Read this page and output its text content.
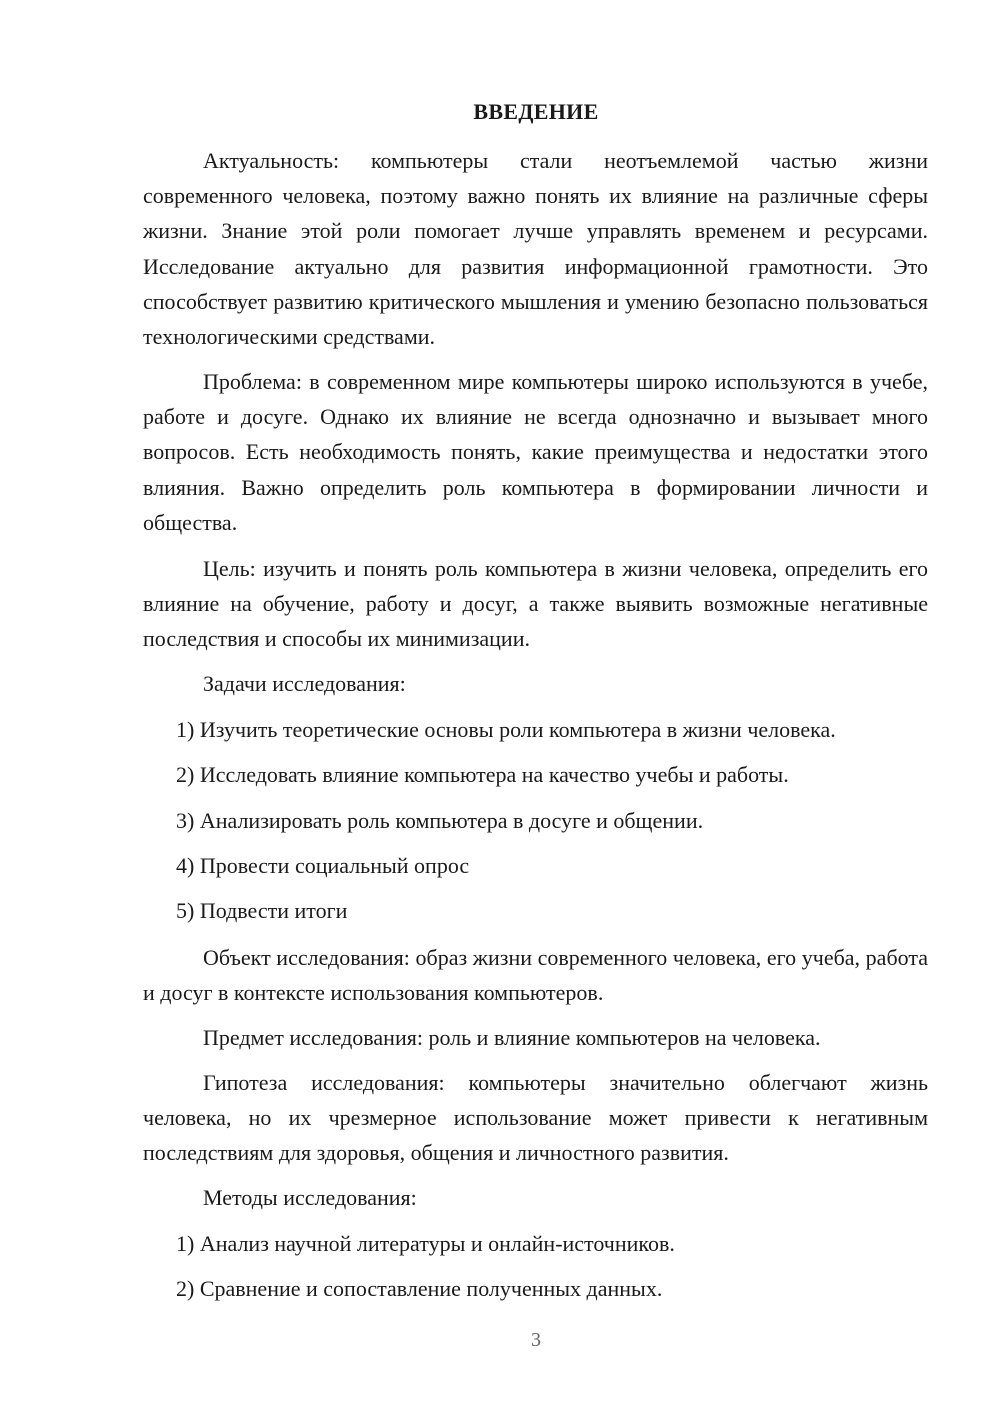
ВВЕДЕНИЕ

Актуальность: компьютеры стали неотъемлемой частью жизни современного человека, поэтому важно понять их влияние на различные сферы жизни. Знание этой роли помогает лучше управлять временем и ресурсами. Исследование актуально для развития информационной грамотности. Это способствует развитию критического мышления и умению безопасно пользоваться технологическими средствами.

Проблема: в современном мире компьютеры широко используются в учебе, работе и досуге. Однако их влияние не всегда однозначно и вызывает много вопросов. Есть необходимость понять, какие преимущества и недостатки этого влияния. Важно определить роль компьютера в формировании личности и общества.

Цель: изучить и понять роль компьютера в жизни человека, определить его влияние на обучение, работу и досуг, а также выявить возможные негативные последствия и способы их минимизации.

Задачи исследования:
1) Изучить теоретические основы роли компьютера в жизни человека.
2) Исследовать влияние компьютера на качество учебы и работы.
3) Анализировать роль компьютера в досуге и общении.
4) Провести социальный опрос
5) Подвести итоги

Объект исследования: образ жизни современного человека, его учеба, работа и досуг в контексте использования компьютеров.

Предмет исследования: роль и влияние компьютеров на человека.

Гипотеза исследования: компьютеры значительно облегчают жизнь человека, но их чрезмерное использование может привести к негативным последствиям для здоровья, общения и личностного развития.

Методы исследования:
1) Анализ научной литературы и онлайн-источников.
2) Сравнение и сопоставление полученных данных.
3
